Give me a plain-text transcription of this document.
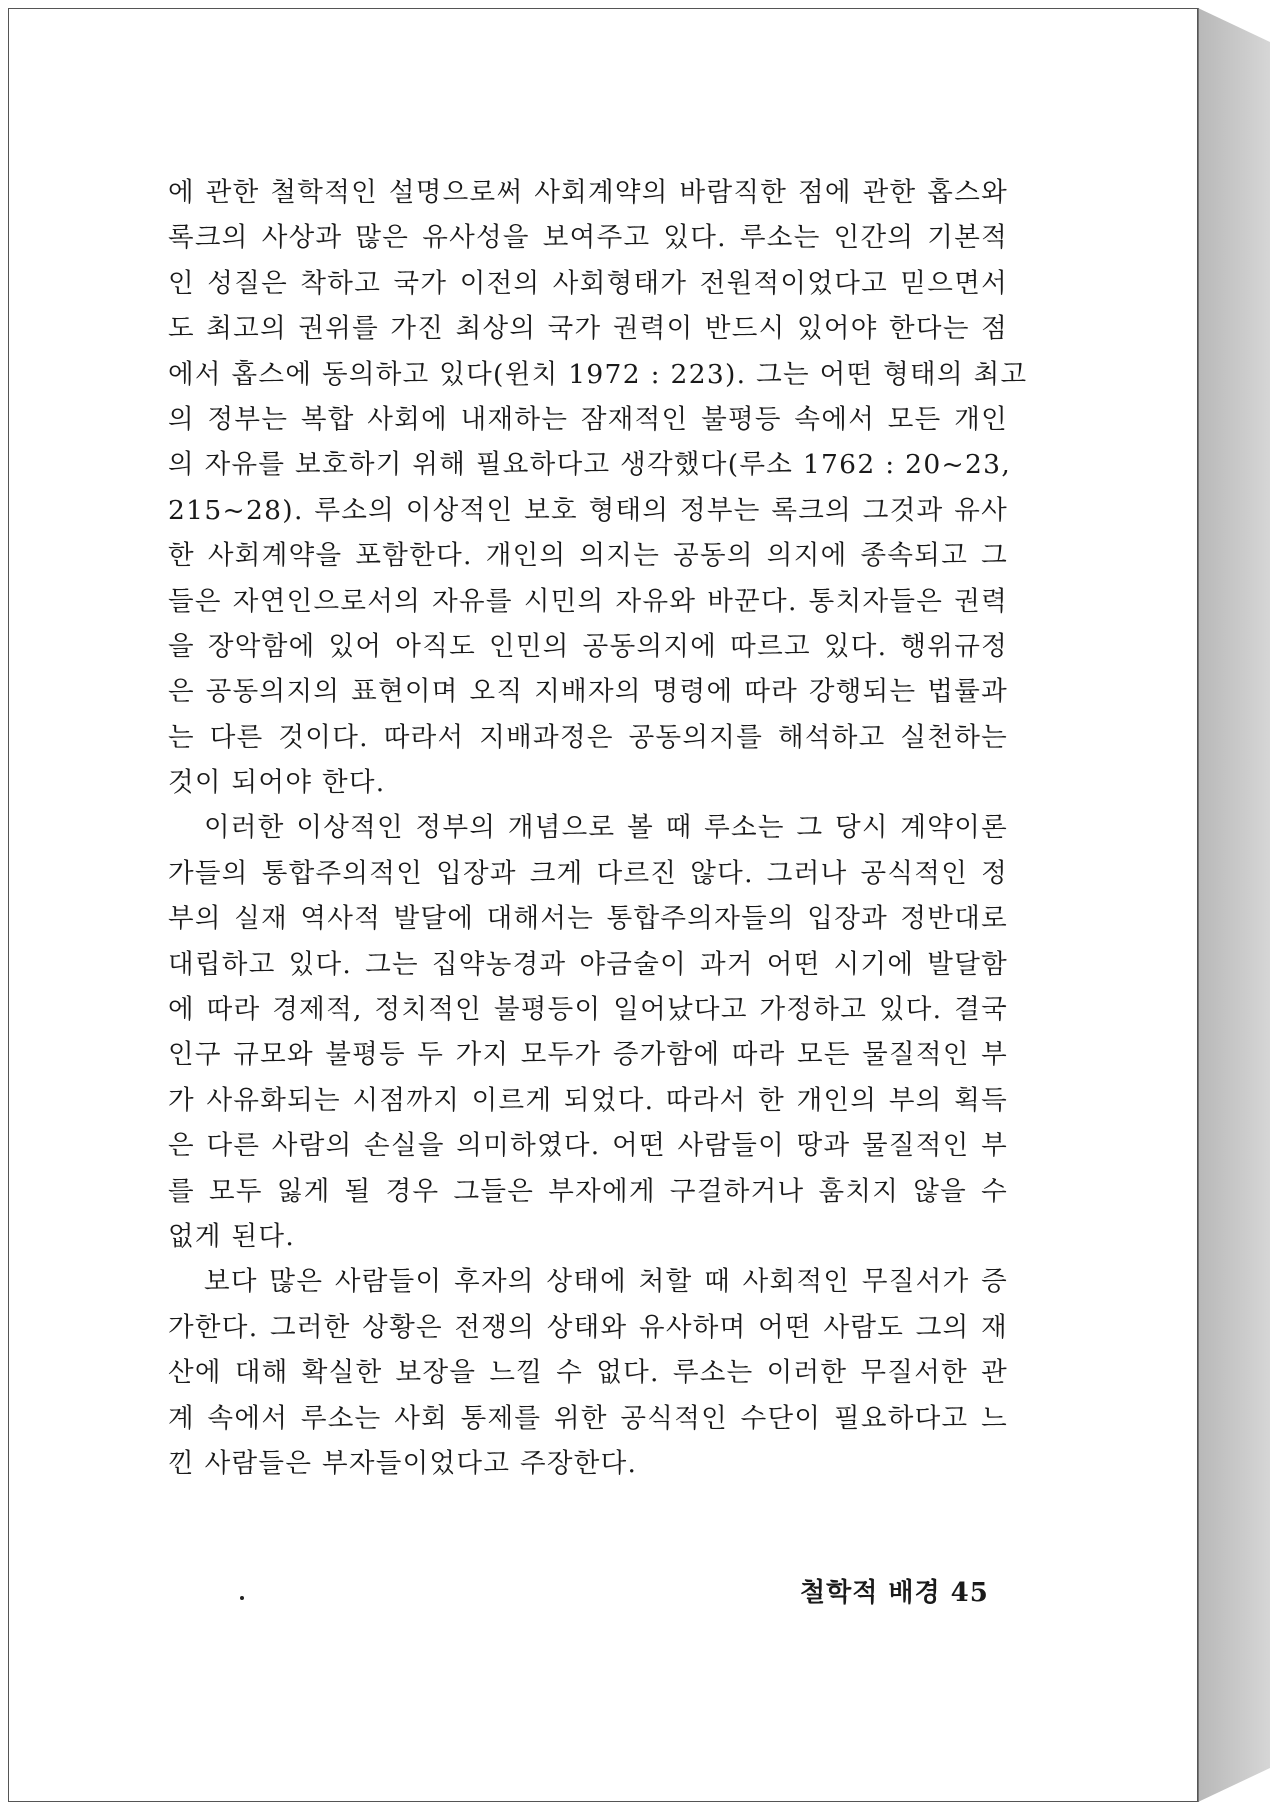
에 관한 철학적인 설명으로써 사회계약의 바람직한 점에 관한 홉스와
록크의 사상과 많은 유사성을 보여주고 있다. 루소는 인간의 기본적
인 성질은 착하고 국가 이전의 사회형태가 전원적이었다고 믿으면서
도 최고의 권위를 가진 최상의 국가 권력이 반드시 있어야 한다는 점
에서 홉스에 동의하고 있다(윈치 1972 : 223). 그는 어떤 형태의 최고
의 정부는 복합 사회에 내재하는 잠재적인 불평등 속에서 모든 개인
의 자유를 보호하기 위해 필요하다고 생각했다(루소 1762 : 20~23,
215~28). 루소의 이상적인 보호 형태의 정부는 록크의 그것과 유사
한 사회계약을 포함한다. 개인의 의지는 공동의 의지에 종속되고 그
들은 자연인으로서의 자유를 시민의 자유와 바꾼다. 통치자들은 권력
을 장악함에 있어 아직도 인민의 공동의지에 따르고 있다. 행위규정
은 공동의지의 표현이며 오직 지배자의 명령에 따라 강행되는 법률과
는 다른 것이다. 따라서 지배과정은 공동의지를 해석하고 실천하는
것이 되어야 한다.
이러한 이상적인 정부의 개념으로 볼 때 루소는 그 당시 계약이론
가들의 통합주의적인 입장과 크게 다르진 않다. 그러나 공식적인 정
부의 실재 역사적 발달에 대해서는 통합주의자들의 입장과 정반대로
대립하고 있다. 그는 집약농경과 야금술이 과거 어떤 시기에 발달함
에 따라 경제적, 정치적인 불평등이 일어났다고 가정하고 있다. 결국
인구 규모와 불평등 두 가지 모두가 증가함에 따라 모든 물질적인 부
가 사유화되는 시점까지 이르게 되었다. 따라서 한 개인의 부의 획득
은 다른 사람의 손실을 의미하였다. 어떤 사람들이 땅과 물질적인 부
를 모두 잃게 될 경우 그들은 부자에게 구걸하거나 훔치지 않을 수
없게 된다.
보다 많은 사람들이 후자의 상태에 처할 때 사회적인 무질서가 증
가한다. 그러한 상황은 전쟁의 상태와 유사하며 어떤 사람도 그의 재
산에 대해 확실한 보장을 느낄 수 없다. 루소는 이러한 무질서한 관
계 속에서 루소는 사회 통제를 위한 공식적인 수단이 필요하다고 느
낀 사람들은 부자들이었다고 주장한다.
철학적 배경 45
